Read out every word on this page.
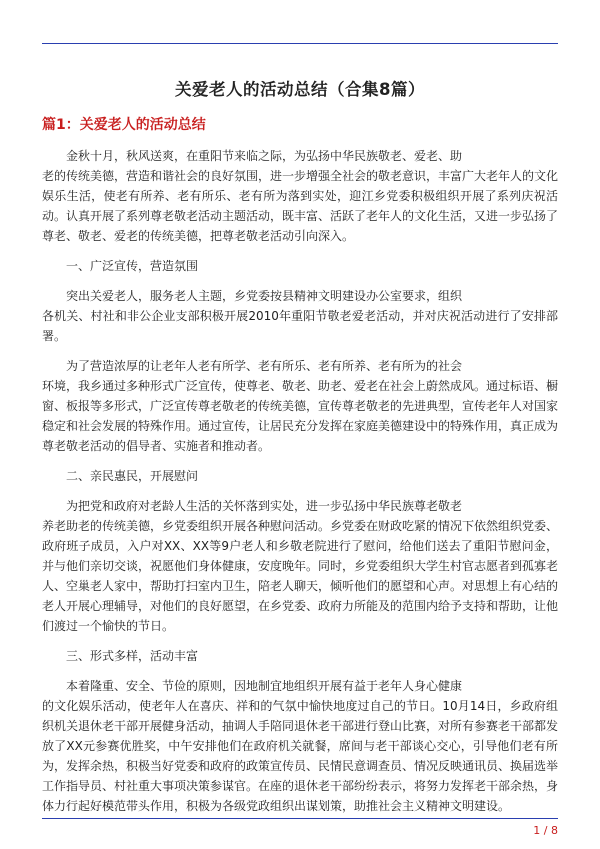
关爱老人的活动总结（合集8篇）
篇1：关爱老人的活动总结

金秋十月，秋风送爽，在重阳节来临之际，为弘扬中华民族敬老、爱老、助
老的传统美德，营造和谐社会的良好氛围，进一步增强全社会的敬老意识，丰富广大老年人的文化娱乐生活，使老有所养、老有所乐、老有所为落到实处，迎江乡党委积极组织开展了系列庆祝活动。认真开展了系列尊老敬老活动主题活动，既丰富、活跃了老年人的文化生活，又进一步弘扬了尊老、敬老、爱老的传统美德，把尊老敬老活动引向深入。

一、广泛宣传，营造氛围

突出关爱老人，服务老人主题，乡党委按县精神文明建设办公室要求，组织
各机关、村社和非公企业支部积极开展2010年重阳节敬老爱老活动，并对庆祝活动进行了安排部署。

为了营造浓厚的让老年人老有所学、老有所乐、老有所养、老有所为的社会
环境，我乡通过多种形式广泛宣传，使尊老、敬老、助老、爱老在社会上蔚然成风。通过标语、橱窗、板报等多形式，广泛宣传尊老敬老的传统美德，宣传尊老敬老的先进典型，宣传老年人对国家稳定和社会发展的特殊作用。通过宣传，让居民充分发挥在家庭美德建设中的特殊作用，真正成为尊老敬老活动的倡导者、实施者和推动者。

二、亲民惠民，开展慰问

为把党和政府对老龄人生活的关怀落到实处，进一步弘扬中华民族尊老敬老
养老助老的传统美德，乡党委组织开展各种慰问活动。乡党委在财政吃紧的情况下依然组织党委、政府班子成员，入户对XX、XX等9户老人和乡敬老院进行了慰问，给他们送去了重阳节慰问金，并与他们亲切交谈，祝愿他们身体健康，安度晚年。同时，乡党委组织大学生村官志愿者到孤寡老人、空巢老人家中，帮助打扫室内卫生，陪老人聊天，倾听他们的愿望和心声。对思想上有心结的老人开展心理辅导，对他们的良好愿望，在乡党委、政府力所能及的范围内给予支持和帮助，让他们渡过一个愉快的节日。

三、形式多样，活动丰富

本着隆重、安全、节俭的原则，因地制宜地组织开展有益于老年人身心健康
的文化娱乐活动，使老年人在喜庆、祥和的气氛中愉快地度过自己的节日。10月14日，乡政府组织机关退休老干部开展健身活动，抽调人手陪同退休老干部进行登山比赛，对所有参赛老干部都发放了XX元参赛优胜奖，中午安排他们在政府机关就餐，席间与老干部谈心交心，引导他们老有所为，发挥余热，积极当好党委和政府的政策宣传员、民情民意调查员、情况反映通讯员、换届选举工作指导员、村社重大事项决策参谋官。在座的退休老干部纷纷表示，将努力发挥老干部余热，身体力行起好模范带头作用，积极为各级党政组织出谋划策，助推社会主义精神文明建设。

1 / 8
